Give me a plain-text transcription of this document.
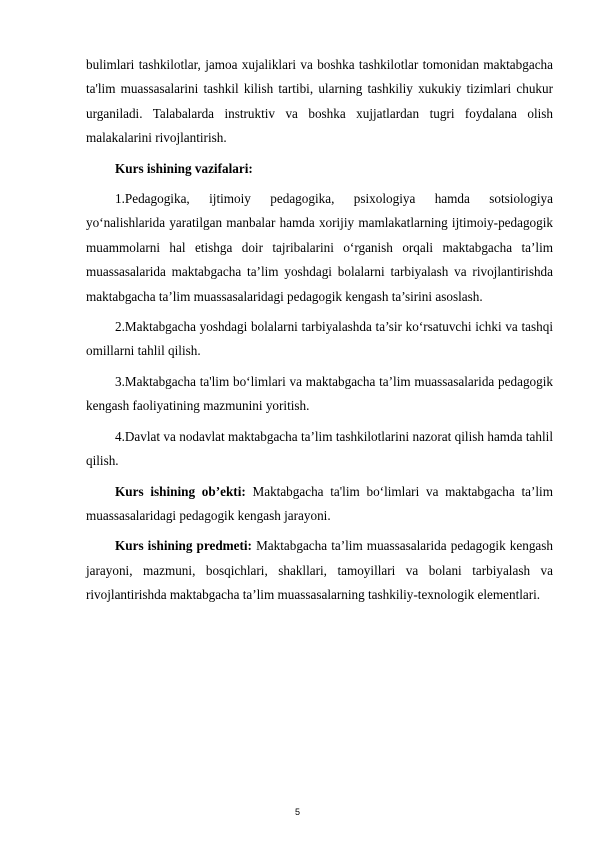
bulimlari tashkilotlar, jamoa xujaliklari va boshka tashkilotlar tomonidan maktabgacha ta'lim muassasalarini tashkil kilish tartibi, ularning tashkiliy xukukiy tizimlari chukur urganiladi. Talabalarda instruktiv va boshka xujjatlardan tugri foydalana olish malakalarini rivojlantirish.

Kurs ishining vazifalari:

1.Pedagogika, ijtimoiy pedagogika, psixologiya hamda sotsiologiya yo‘nalishlarida yaratilgan manbalar hamda xorijiy mamlakatlarning ijtimoiy-pedagogik muammolarni hal etishga doir tajribalarini o‘rganish orqali maktabgacha ta’lim muassasalarida maktabgacha ta’lim yoshdagi bolalarni tarbiyalash va rivojlantirishda maktabgacha ta’lim muassasalaridagi pedagogik kengash ta’sirini asoslash.

2.Maktabgacha yoshdagi bolalarni tarbiyalashda ta’sir ko‘rsatuvchi ichki va tashqi omillarni tahlil qilish.

3.Maktabgacha ta'lim bo‘limlari va maktabgacha ta’lim muassasalarida pedagogik kengash faoliyatining mazmunini yoritish.

4.Davlat va nodavlat maktabgacha ta’lim tashkilotlarini nazorat qilish hamda tahlil qilish.

Kurs ishining ob’ekti: Maktabgacha ta'lim bo‘limlari va maktabgacha ta’lim muassasalaridagi pedagogik kengash jarayoni.

Kurs ishining predmeti: Maktabgacha ta’lim muassasalarida pedagogik kengash jarayoni, mazmuni, bosqichlari, shakllari, tamoyillari va bolani tarbiyalash va rivojlantirishda maktabgacha ta’lim muassasalarning tashkiliy-texnologik elementlari.

5
